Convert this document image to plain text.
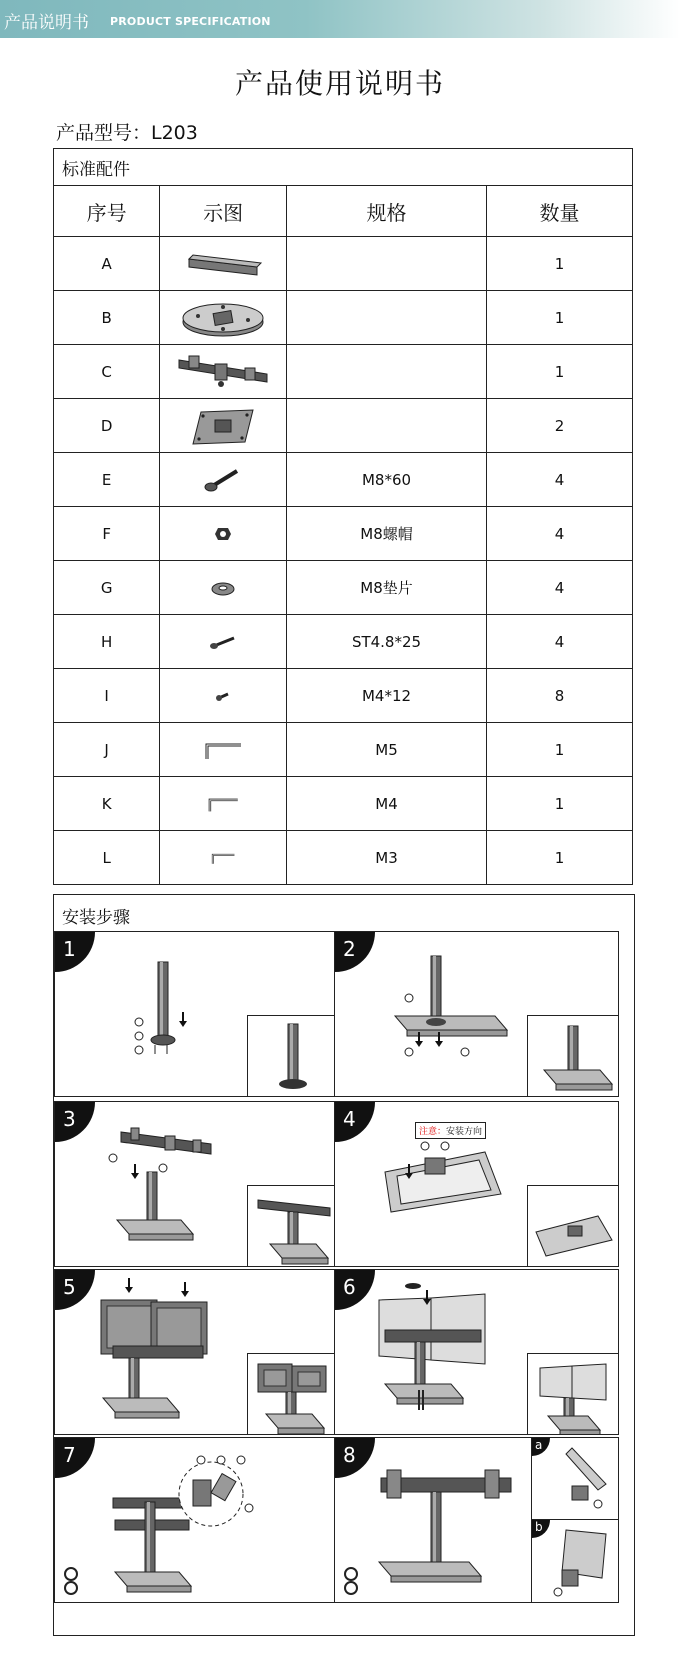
产品说明书 PRODUCT SPECIFICATION
产品使用说明书
产品型号：L203
标准配件			
序号	示图	规格	数量
A			1
B			1
C			1
D			2
E		M8*60	4
F		M8螺帽	4
G		M8垫片	4
H		ST4.8*25	4
I		M4*12	8
J		M5	1
K		M4	1
L		M3	1
安装步骤
1	2
3	4
注意：安装方向
5	6
7	8	a
b
